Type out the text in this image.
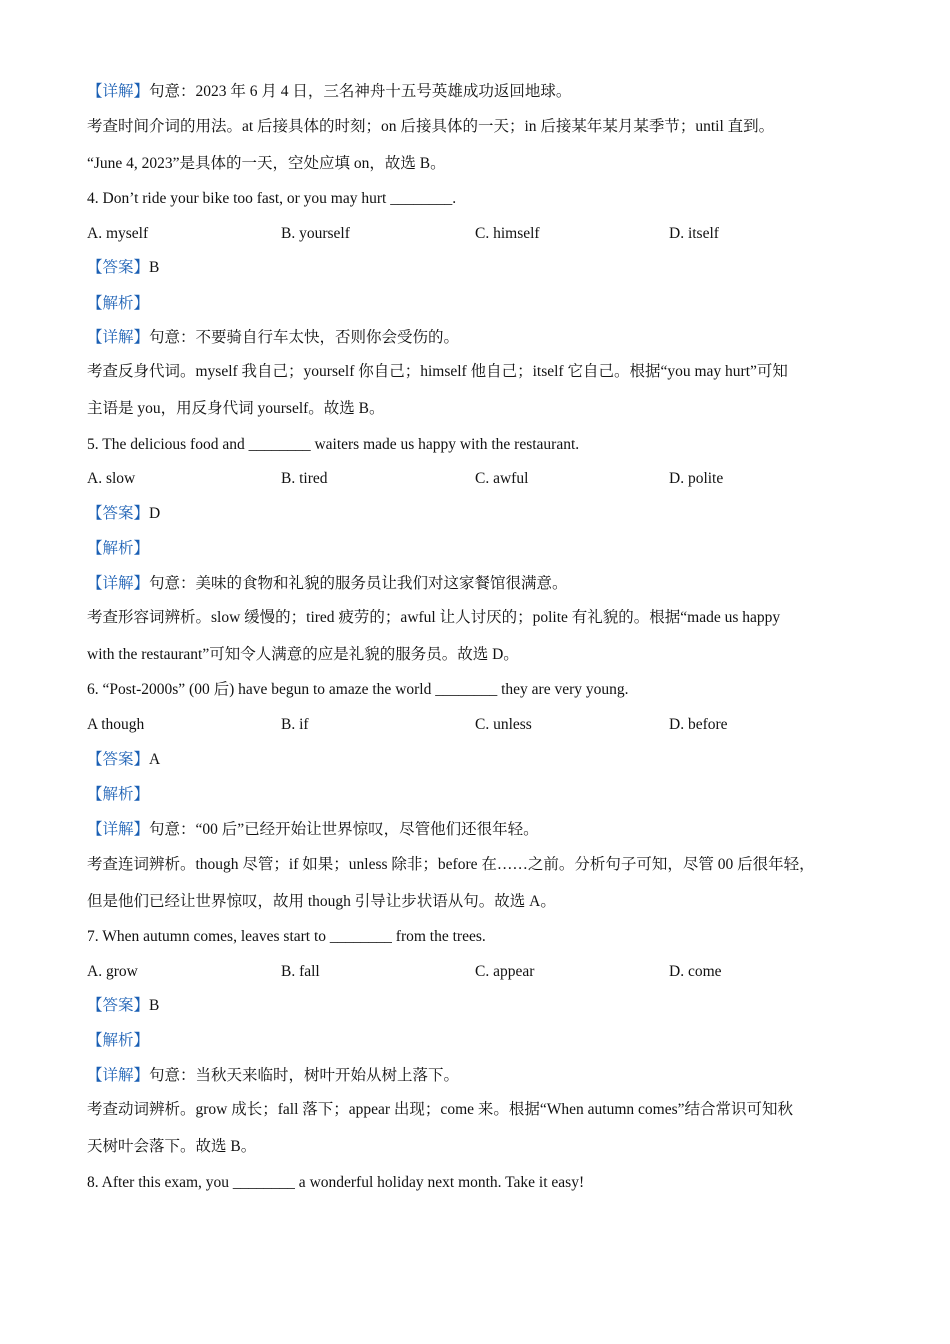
【详解】句意：2023 年 6 月 4 日，三名神舟十五号英雄成功返回地球。
考查时间介词的用法。at 后接具体的时刻；on 后接具体的一天；in 后接某年某月某季节；until 直到。
“June 4, 2023”是具体的一天，空处应填 on，故选 B。
4. Don’t ride your bike too fast, or you may hurt ________.
A. myself	B. yourself	C. himself	D. itself
【答案】B
【解析】
【详解】句意：不要骑自行车太快，否则你会受伤的。
考查反身代词。myself 我自己；yourself 你自己；himself 他自己；itself 它自己。根据“you may hurt”可知
主语是 you，用反身代词 yourself。故选 B。
5. The delicious food and ________ waiters made us happy with the restaurant.
A. slow	B. tired	C. awful	D. polite
【答案】D
【解析】
【详解】句意：美味的食物和礼貌的服务员让我们对这家餐馆很满意。
考查形容词辨析。slow 缓慢的；tired 疲劳的；awful 让人讨厌的；polite 有礼貌的。根据“made us happy
with the restaurant”可知令人满意的应是礼貌的服务员。故选 D。
6. “Post-2000s” (00 后) have begun to amaze the world ________ they are very young.
A though	B. if	C. unless	D. before
【答案】A
【解析】
【详解】句意：“00 后”已经开始让世界惊叹，尽管他们还很年轻。
考查连词辨析。though 尽管；if 如果；unless 除非；before 在……之前。分析句子可知，尽管 00 后很年轻，
但是他们已经让世界惊叹，故用 though 引导让步状语从句。故选 A。
7. When autumn comes, leaves start to ________ from the trees.
A. grow	B. fall	C. appear	D. come
【答案】B
【解析】
【详解】句意：当秋天来临时，树叶开始从树上落下。
考查动词辨析。grow 成长；fall 落下；appear 出现；come 来。根据“When autumn comes”结合常识可知秋
天树叶会落下。故选 B。
8. After this exam, you ________ a wonderful holiday next month. Take it easy!
